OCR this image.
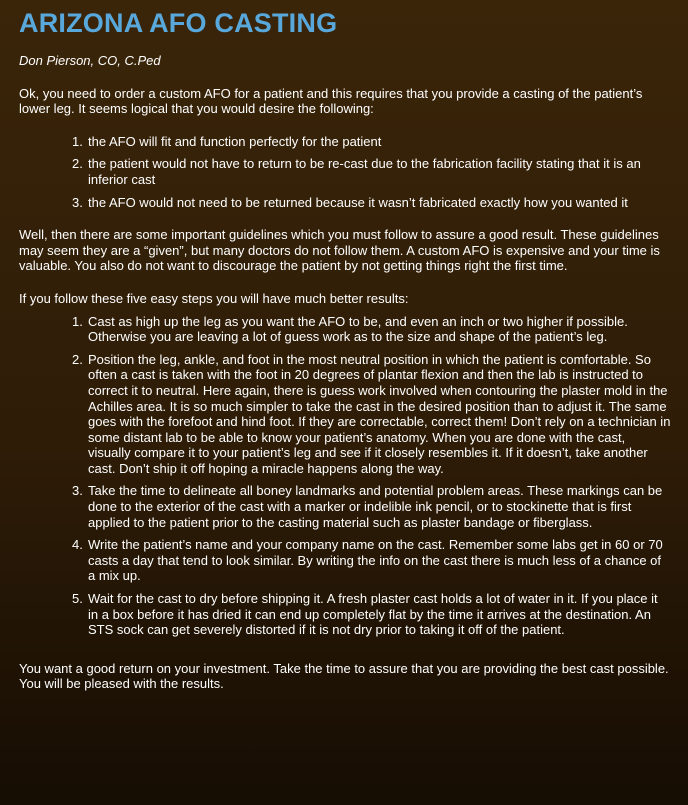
ARIZONA AFO CASTING

Don Pierson, CO, C.Ped

Ok, you need to order a custom AFO for a patient and this requires that you provide a casting of the patient’s lower leg. It seems logical that you would desire the following:

1. the AFO will fit and function perfectly for the patient
2. the patient would not have to return to be re-cast due to the fabrication facility stating that it is an inferior cast
3. the AFO would not need to be returned because it wasn’t fabricated exactly how you wanted it

Well, then there are some important guidelines which you must follow to assure a good result. These guidelines may seem they are a “given”, but many doctors do not follow them. A custom AFO is expensive and your time is valuable. You also do not want to discourage the patient by not getting things right the first time.

If you follow these five easy steps you will have much better results:

1. Cast as high up the leg as you want the AFO to be, and even an inch or two higher if possible. Otherwise you are leaving a lot of guess work as to the size and shape of the patient’s leg.
2. Position the leg, ankle, and foot in the most neutral position in which the patient is comfortable. So often a cast is taken with the foot in 20 degrees of plantar flexion and then the lab is instructed to correct it to neutral. Here again, there is guess work involved when contouring the plaster mold in the Achilles area. It is so much simpler to take the cast in the desired position than to adjust it. The same goes with the forefoot and hind foot. If they are correctable, correct them! Don’t rely on a technician in some distant lab to be able to know your patient’s anatomy. When you are done with the cast, visually compare it to your patient’s leg and see if it closely resembles it. If it doesn’t, take another cast. Don’t ship it off hoping a miracle happens along the way.
3. Take the time to delineate all boney landmarks and potential problem areas. These markings can be done to the exterior of the cast with a marker or indelible ink pencil, or to stockinette that is first applied to the patient prior to the casting material such as plaster bandage or fiberglass.
4. Write the patient’s name and your company name on the cast. Remember some labs get in 60 or 70 casts a day that tend to look similar. By writing the info on the cast there is much less of a chance of a mix up.
5. Wait for the cast to dry before shipping it. A fresh plaster cast holds a lot of water in it. If you place it in a box before it has dried it can end up completely flat by the time it arrives at the destination. An STS sock can get severely distorted if it is not dry prior to taking it off of the patient.

You want a good return on your investment. Take the time to assure that you are providing the best cast possible. You will be pleased with the results.
